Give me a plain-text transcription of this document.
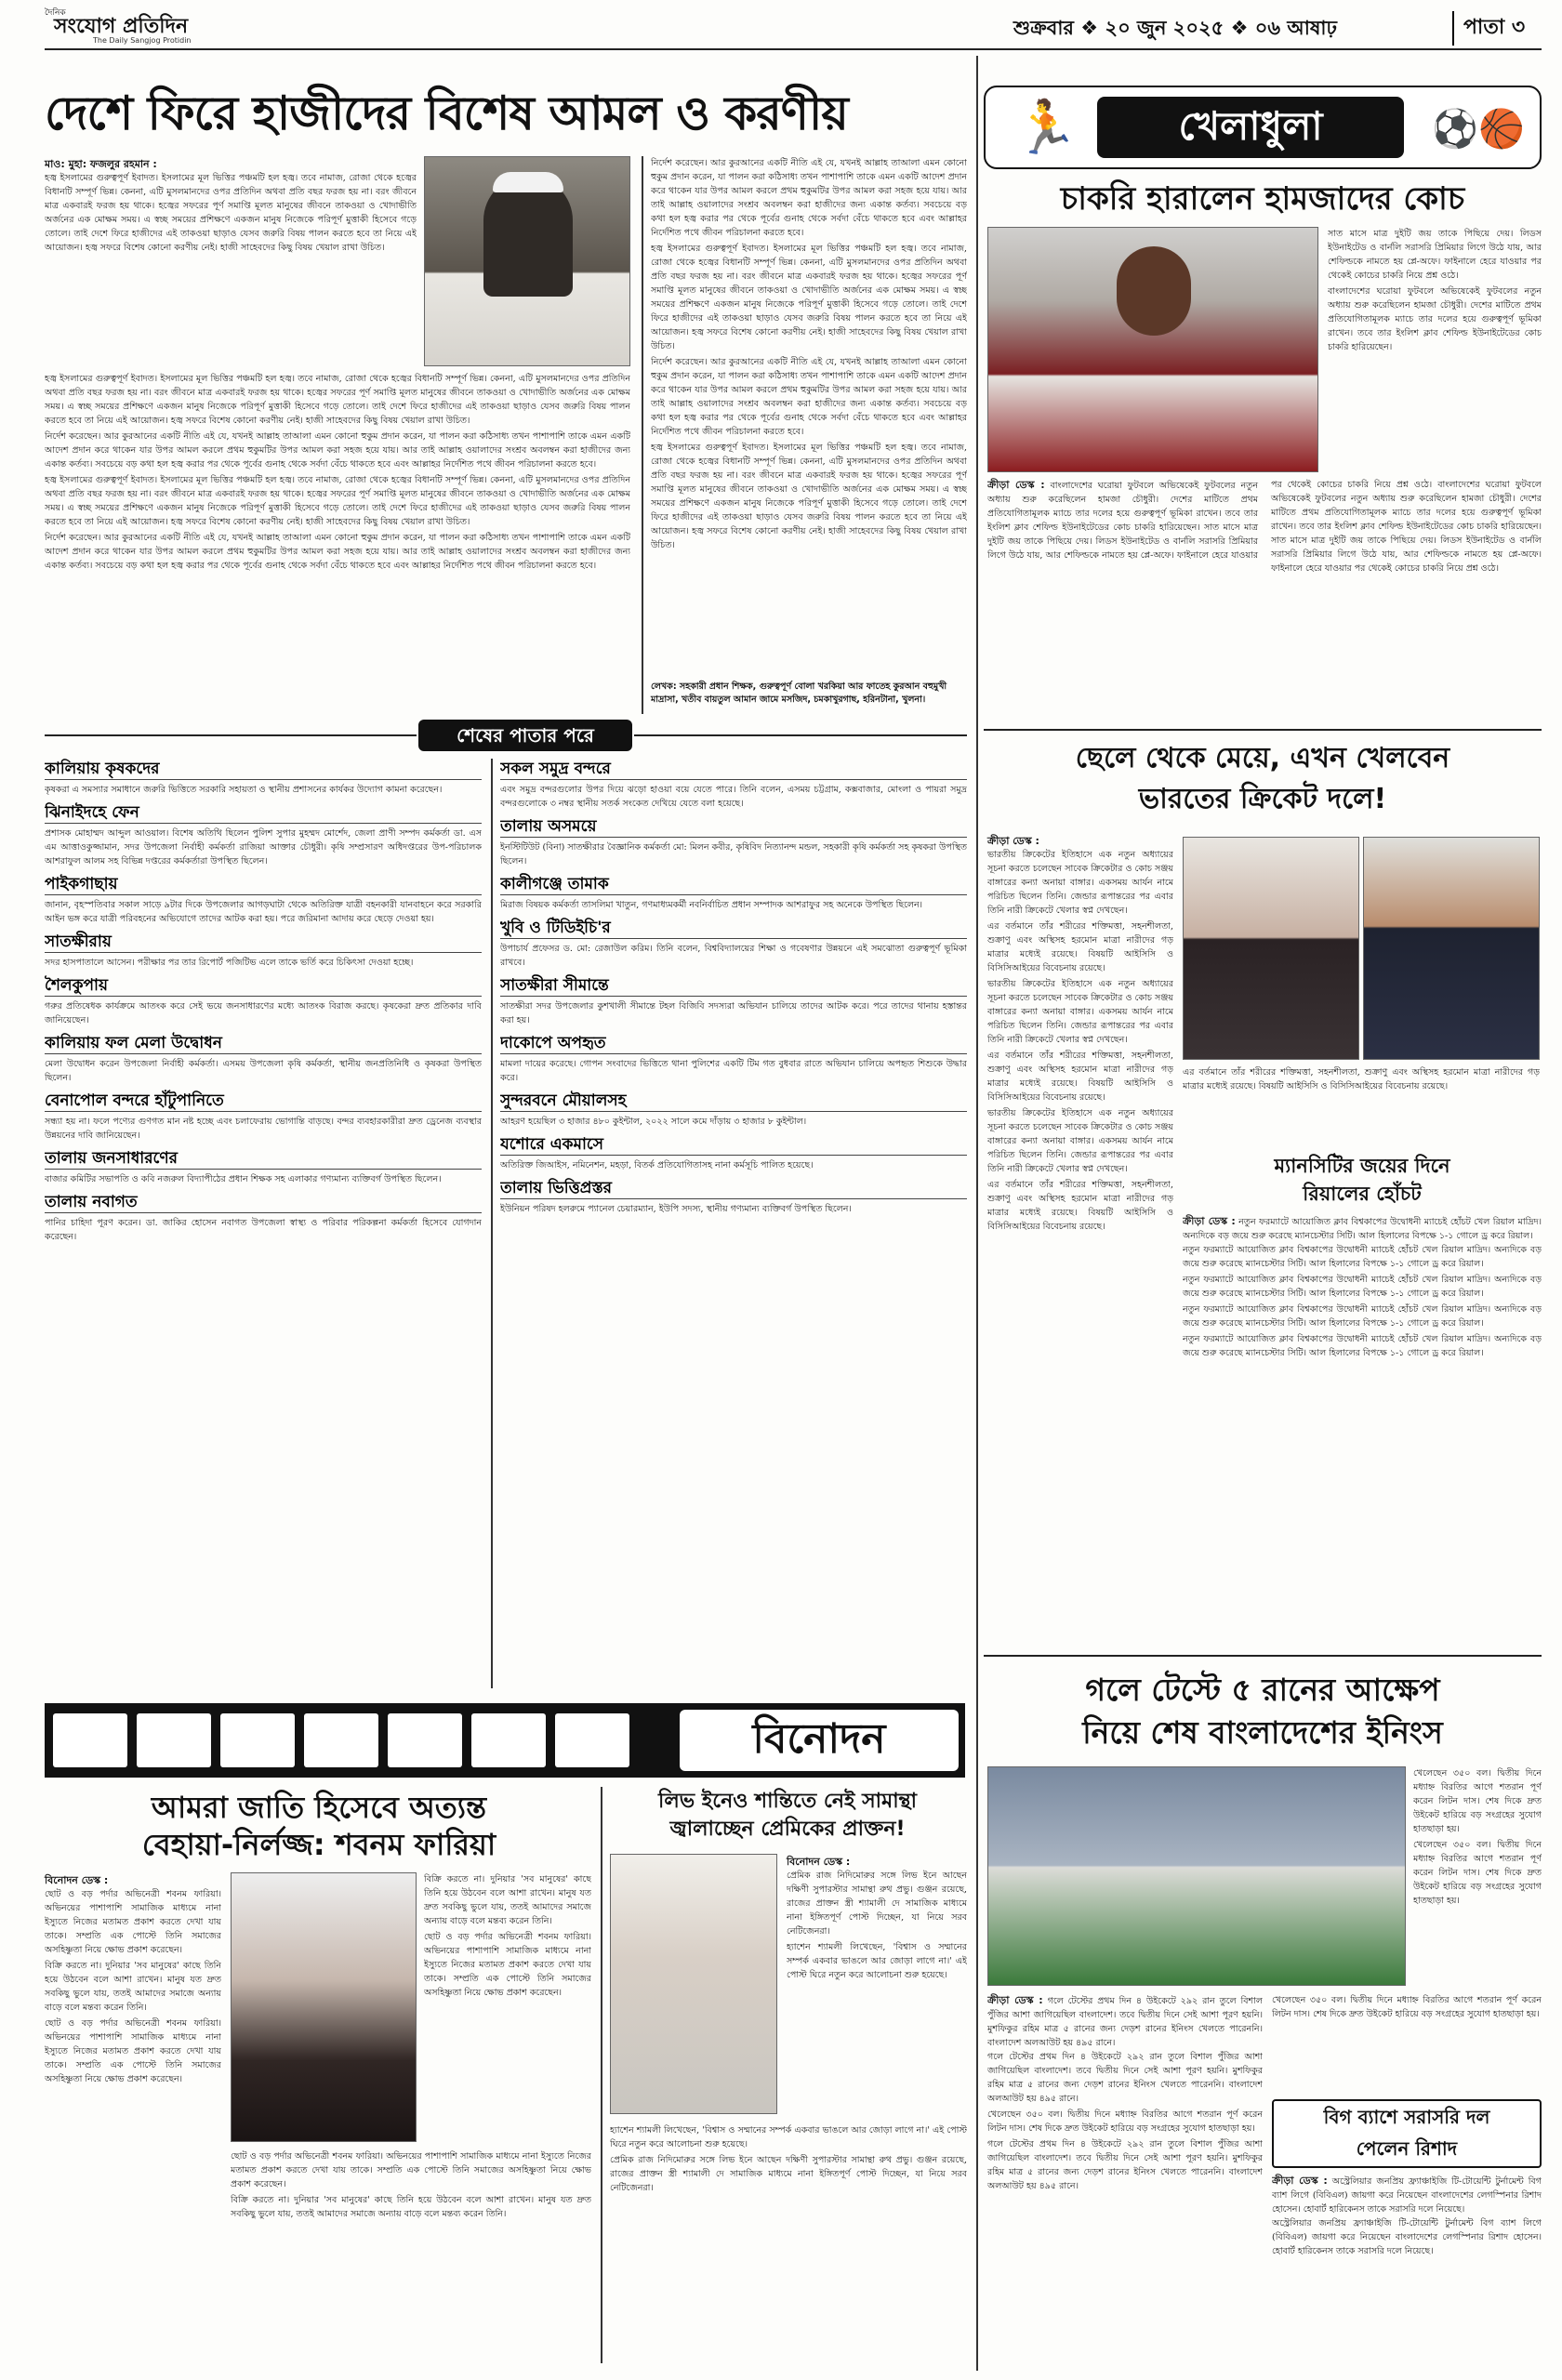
দৈনিক
সংযোগ প্রতিদিন
The Daily Sangjog Protidin
শুক্রবার ❖ ২০ জুন ২০২৫ ❖ ০৬ আষাঢ়	পাতা ৩
দেশে ফিরে হাজীদের বিশেষ আমল ও করণীয়
মাও: মুহা: ফজলুর রহমান :

হজ্ব ইসলামের গুরুত্বপূর্ণ ইবাদত। ইসলামের মূল ভিত্তির পঞ্চমটি হল হজ্ব। তবে নামাজ, রোজা থেকে হজ্বের বিধানটি সম্পূর্ণ ভিন্ন। কেননা, এটি মুসলমানদের ওপর প্রতিদিন অথবা প্রতি বছর ফরজ হয় না। বরং জীবনে মাত্র একবারই ফরজ হয় থাকে। হজ্বের সফরের পূর্ণ সমাপ্তি মূলত মানুষের জীবনে তাকওয়া ও খোদাভীতি অর্জনের এক মোক্ষম সময়। এ স্বচ্ছ সময়ের প্রশিক্ষণে একজন মানুষ নিজেকে পরিপূর্ণ মুত্তাকী হিসেবে গড়ে তোলে। তাই দেশে ফিরে হাজীদের এই তাকওয়া ছাড়াও যেসব জরুরি বিষয় পালন করতে হবে তা নিয়ে এই আয়োজন। হজ্ব সফরে বিশেষ কোনো করণীয় নেই। হাজী সাহেবদের কিছু বিষয় খেয়াল রাখা উচিত।

হজ্ব ইসলামের গুরুত্বপূর্ণ ইবাদত। ইসলামের মূল ভিত্তির পঞ্চমটি হল হজ্ব। তবে নামাজ, রোজা থেকে হজ্বের বিধানটি সম্পূর্ণ ভিন্ন। কেননা, এটি মুসলমানদের ওপর প্রতিদিন অথবা প্রতি বছর ফরজ হয় না। বরং জীবনে মাত্র একবারই ফরজ হয় থাকে। হজ্বের সফরের পূর্ণ সমাপ্তি মূলত মানুষের জীবনে তাকওয়া ও খোদাভীতি অর্জনের এক মোক্ষম সময়। এ স্বচ্ছ সময়ের প্রশিক্ষণে একজন মানুষ নিজেকে পরিপূর্ণ মুত্তাকী হিসেবে গড়ে তোলে। তাই দেশে ফিরে হাজীদের এই তাকওয়া ছাড়াও যেসব জরুরি বিষয় পালন করতে হবে তা নিয়ে এই আয়োজন। হজ্ব সফরে বিশেষ কোনো করণীয় নেই। হাজী সাহেবদের কিছু বিষয় খেয়াল রাখা উচিত।

নির্দেশ করেছেন। আর কুরআনের একটি নীতি এই যে, যখনই আল্লাহ তাআলা এমন কোনো হুকুম প্রদান করেন, যা পালন করা কঠিসাধ্য তখন পাশাপাশি তাকে এমন একটি আদেশ প্রদান করে থাকেন যার উপর আমল করলে প্রথম হুকুমটির উপর আমল করা সহজ হয়ে যায়। আর তাই আল্লাহ ওয়ালাদের সংশ্রব অবলম্বন করা হাজীদের জন্য একান্ত কর্তব্য। সবচেয়ে বড় কথা হল হজ্ব করার পর থেকে পূর্বের গুনাহ থেকে সর্বদা বেঁচে থাকতে হবে এবং আল্লাহর নির্দেশিত পথে জীবন পরিচালনা করতে হবে।

হজ্ব ইসলামের গুরুত্বপূর্ণ ইবাদত। ইসলামের মূল ভিত্তির পঞ্চমটি হল হজ্ব। তবে নামাজ, রোজা থেকে হজ্বের বিধানটি সম্পূর্ণ ভিন্ন। কেননা, এটি মুসলমানদের ওপর প্রতিদিন অথবা প্রতি বছর ফরজ হয় না। বরং জীবনে মাত্র একবারই ফরজ হয় থাকে। হজ্বের সফরের পূর্ণ সমাপ্তি মূলত মানুষের জীবনে তাকওয়া ও খোদাভীতি অর্জনের এক মোক্ষম সময়। এ স্বচ্ছ সময়ের প্রশিক্ষণে একজন মানুষ নিজেকে পরিপূর্ণ মুত্তাকী হিসেবে গড়ে তোলে। তাই দেশে ফিরে হাজীদের এই তাকওয়া ছাড়াও যেসব জরুরি বিষয় পালন করতে হবে তা নিয়ে এই আয়োজন। হজ্ব সফরে বিশেষ কোনো করণীয় নেই। হাজী সাহেবদের কিছু বিষয় খেয়াল রাখা উচিত।

নির্দেশ করেছেন। আর কুরআনের একটি নীতি এই যে, যখনই আল্লাহ তাআলা এমন কোনো হুকুম প্রদান করেন, যা পালন করা কঠিসাধ্য তখন পাশাপাশি তাকে এমন একটি আদেশ প্রদান করে থাকেন যার উপর আমল করলে প্রথম হুকুমটির উপর আমল করা সহজ হয়ে যায়। আর তাই আল্লাহ ওয়ালাদের সংশ্রব অবলম্বন করা হাজীদের জন্য একান্ত কর্তব্য। সবচেয়ে বড় কথা হল হজ্ব করার পর থেকে পূর্বের গুনাহ থেকে সর্বদা বেঁচে থাকতে হবে এবং আল্লাহর নির্দেশিত পথে জীবন পরিচালনা করতে হবে।

নির্দেশ করেছেন। আর কুরআনের একটি নীতি এই যে, যখনই আল্লাহ তাআলা এমন কোনো হুকুম প্রদান করেন, যা পালন করা কঠিসাধ্য তখন পাশাপাশি তাকে এমন একটি আদেশ প্রদান করে থাকেন যার উপর আমল করলে প্রথম হুকুমটির উপর আমল করা সহজ হয়ে যায়। আর তাই আল্লাহ ওয়ালাদের সংশ্রব অবলম্বন করা হাজীদের জন্য একান্ত কর্তব্য। সবচেয়ে বড় কথা হল হজ্ব করার পর থেকে পূর্বের গুনাহ থেকে সর্বদা বেঁচে থাকতে হবে এবং আল্লাহর নির্দেশিত পথে জীবন পরিচালনা করতে হবে।

হজ্ব ইসলামের গুরুত্বপূর্ণ ইবাদত। ইসলামের মূল ভিত্তির পঞ্চমটি হল হজ্ব। তবে নামাজ, রোজা থেকে হজ্বের বিধানটি সম্পূর্ণ ভিন্ন। কেননা, এটি মুসলমানদের ওপর প্রতিদিন অথবা প্রতি বছর ফরজ হয় না। বরং জীবনে মাত্র একবারই ফরজ হয় থাকে। হজ্বের সফরের পূর্ণ সমাপ্তি মূলত মানুষের জীবনে তাকওয়া ও খোদাভীতি অর্জনের এক মোক্ষম সময়। এ স্বচ্ছ সময়ের প্রশিক্ষণে একজন মানুষ নিজেকে পরিপূর্ণ মুত্তাকী হিসেবে গড়ে তোলে। তাই দেশে ফিরে হাজীদের এই তাকওয়া ছাড়াও যেসব জরুরি বিষয় পালন করতে হবে তা নিয়ে এই আয়োজন। হজ্ব সফরে বিশেষ কোনো করণীয় নেই। হাজী সাহেবদের কিছু বিষয় খেয়াল রাখা উচিত।

নির্দেশ করেছেন। আর কুরআনের একটি নীতি এই যে, যখনই আল্লাহ তাআলা এমন কোনো হুকুম প্রদান করেন, যা পালন করা কঠিসাধ্য তখন পাশাপাশি তাকে এমন একটি আদেশ প্রদান করে থাকেন যার উপর আমল করলে প্রথম হুকুমটির উপর আমল করা সহজ হয়ে যায়। আর তাই আল্লাহ ওয়ালাদের সংশ্রব অবলম্বন করা হাজীদের জন্য একান্ত কর্তব্য। সবচেয়ে বড় কথা হল হজ্ব করার পর থেকে পূর্বের গুনাহ থেকে সর্বদা বেঁচে থাকতে হবে এবং আল্লাহর নির্দেশিত পথে জীবন পরিচালনা করতে হবে।

হজ্ব ইসলামের গুরুত্বপূর্ণ ইবাদত। ইসলামের মূল ভিত্তির পঞ্চমটি হল হজ্ব। তবে নামাজ, রোজা থেকে হজ্বের বিধানটি সম্পূর্ণ ভিন্ন। কেননা, এটি মুসলমানদের ওপর প্রতিদিন অথবা প্রতি বছর ফরজ হয় না। বরং জীবনে মাত্র একবারই ফরজ হয় থাকে। হজ্বের সফরের পূর্ণ সমাপ্তি মূলত মানুষের জীবনে তাকওয়া ও খোদাভীতি অর্জনের এক মোক্ষম সময়। এ স্বচ্ছ সময়ের প্রশিক্ষণে একজন মানুষ নিজেকে পরিপূর্ণ মুত্তাকী হিসেবে গড়ে তোলে। তাই দেশে ফিরে হাজীদের এই তাকওয়া ছাড়াও যেসব জরুরি বিষয় পালন করতে হবে তা নিয়ে এই আয়োজন। হজ্ব সফরে বিশেষ কোনো করণীয় নেই। হাজী সাহেবদের কিছু বিষয় খেয়াল রাখা উচিত।

লেখক: সহকারী প্রধান শিক্ষক, গুরুত্বপূর্ণ বোলা খরকিয়া আর ফাতেহ কুরআন বহুমুখী মাদ্রাসা, খতীব বায়তুল আমান জামে মসজিদ, চমকাখুরগাছ, হরিনটানা, খুলনা।
শেষের পাতার পরে
কালিয়ায় কৃষকদের
কৃষকরা এ সমস্যার সমাধানে জরুরি ভিত্তিতে সরকারি সহায়তা ও স্থানীয় প্রশাসনের কার্যকর উদ্যোগ কামনা করেছেন।
ঝিনাইদহে ফেন
প্রশাসক মোহাম্মদ আব্দুল আওয়াল। বিশেষ অতিথি ছিলেন পুলিশ সুপার মুহম্মদ মোর্শেদ, জেলা প্রাণী সম্পদ কর্মকর্তা ডা. এস এম আত্তাওকুজ্জামান, সদর উপজেলা নির্বাহী কর্মকর্তা রাজিয়া আক্তার চৌধুরী। কৃষি সম্প্রসারণ অধিদপ্তরের উপ-পরিচালক আশরাফুল আলম সহ বিভিন্ন দপ্তরের কর্মকর্তারা উপস্থিত ছিলেন।
পাইকগাছায়
জানান, বৃহস্পতিবার সকাল সাড়ে ৯টার দিকে উপজেলার আগড়ঘাটা থেকে অতিরিক্ত যাত্রী বহনকারী যানবাহনে করে সরকারি আইন ভঙ্গ করে যাত্রী পরিবহনের অভিযোগে তাদের আটক করা হয়। পরে জরিমানা আদায় করে ছেড়ে দেওয়া হয়।
সাতক্ষীরায়
সদর হাসপাতালে আসেন। পরীক্ষার পর তার রিপোর্ট পজিটিভ এলে তাকে ভর্তি করে চিকিৎসা দেওয়া হচ্ছে।
শৈলকুপায়
গরুর প্রতিষেধক কার্যক্রমে আতংক করে সেই ভয়ে জনসাধারণের মধ্যে আতংক বিরাজ করছে। কৃষকেরা দ্রুত প্রতিকার দাবি জানিয়েছেন।
কালিয়ায় ফল মেলা উদ্বোধন
মেলা উদ্বোধন করেন উপজেলা নির্বাহী কর্মকর্তা। এসময় উপজেলা কৃষি কর্মকর্তা, স্থানীয় জনপ্রতিনিধি ও কৃষকরা উপস্থিত ছিলেন।
বেনাপোল বন্দরে হাঁটুপানিতে
সন্ধ্যা হয় না। ফলে পণ্যের গুণগত মান নষ্ট হচ্ছে এবং চলাফেরায় ভোগান্তি বাড়ছে। বন্দর ব্যবহারকারীরা দ্রুত ড্রেনেজ ব্যবস্থার উন্নয়নের দাবি জানিয়েছেন।
তালায় জনসাধারণের
বাজার কমিটির সভাপতি ও কবি নজরুল বিদ্যাপীঠের প্রধান শিক্ষক সহ এলাকার গণ্যমান্য ব্যক্তিবর্গ উপস্থিত ছিলেন।
তালায় নবাগত
পানির চাহিদা পূরণ করেন। ডা. জাকির হোসেন নবাগত উপজেলা স্বাস্থ্য ও পরিবার পরিকল্পনা কর্মকর্তা হিসেবে যোগদান করেছেন।
সকল সমুদ্র বন্দরে
এবং সমুদ্র বন্দরগুলোর উপর দিয়ে ঝড়ো হাওয়া বয়ে যেতে পারে। তিনি বলেন, এসময় চট্টগ্রাম, কক্সবাজার, মোংলা ও পায়রা সমুদ্র বন্দরগুলোকে ৩ নম্বর স্থানীয় সতর্ক সংকেত দেখিয়ে যেতে বলা হয়েছে।
তালায় অসময়ে
ইনস্টিটিউট (বিনা) সাতক্ষীরার বৈজ্ঞানিক কর্মকর্তা মো: মিলন কবীর, কৃষিবিদ নিত্যানন্দ মন্ডল, সহকারী কৃষি কর্মকর্তা সহ কৃষকরা উপস্থিত ছিলেন।
কালীগঞ্জে তামাক
মিরাজ বিষয়ক কর্মকর্তা তাসলিমা খাতুন, গণমাধ্যমকর্মী নবনির্বাচিত প্রধান সম্পাদক আশরাফুর সহ অনেকে উপস্থিত ছিলেন।
খুবি ও টিডিইচি'র
উপাচার্য প্রফেসর ড. মো: রেজাউল করিম। তিনি বলেন, বিশ্ববিদ্যালয়ের শিক্ষা ও গবেষণার উন্নয়নে এই সমঝোতা গুরুত্বপূর্ণ ভূমিকা রাখবে।
সাতক্ষীরা সীমান্তে
সাতক্ষীরা সদর উপজেলার কুশখালী সীমান্তে টহল বিজিবি সদস্যরা অভিযান চালিয়ে তাদের আটক করে। পরে তাদের থানায় হস্তান্তর করা হয়।
দাকোপে অপহৃত
মামলা দায়ের করেছে। গোপন সংবাদের ভিত্তিতে থানা পুলিশের একটি টিম গত বুধবার রাতে অভিযান চালিয়ে অপহৃত শিশুকে উদ্ধার করে।
সুন্দরবনে মৌয়ালসহ
আহরণ হয়েছিল ৩ হাজার ৪৮০ কুইন্টাল, ২০২২ সালে কমে দাঁড়ায় ৩ হাজার ৮ কুইন্টাল।
যশোরে একমাসে
অতিরিক্ত জিআইস, নমিনেশন, মহড়া, বিতর্ক প্রতিযোগিতাসহ নানা কর্মসূচি পালিত হয়েছে।
তালায় ভিত্তিপ্রস্তর
ইউনিয়ন পরিষদ হলরুমে প্যানেল চেয়ারম্যান, ইউপি সদস্য, স্থানীয় গণ্যমান্য ব্যক্তিবর্গ উপস্থিত ছিলেন।
বিনোদন
আমরা জাতি হিসেবে অত্যন্ত
বেহায়া-নির্লজ্জ: শবনম ফারিয়া
বিনোদন ডেস্ক :

ছোট ও বড় পর্দার অভিনেত্রী শবনম ফারিয়া। অভিনয়ের পাশাপাশি সামাজিক মাধ্যমে নানা ইস্যুতে নিজের মতামত প্রকাশ করতে দেখা যায় তাকে। সম্প্রতি এক পোস্টে তিনি সমাজের অসহিষ্ণুতা নিয়ে ক্ষোভ প্রকাশ করেছেন।

বিক্রি করতে না। দুনিয়ার 'সব মানুষের' কাছে তিনি হয়ে উঠবেন বলে আশা রাখেন। মানুষ যত দ্রুত সবকিছু ভুলে যায়, ততই আমাদের সমাজে অন্যায় বাড়ে বলে মন্তব্য করেন তিনি।

ছোট ও বড় পর্দার অভিনেত্রী শবনম ফারিয়া। অভিনয়ের পাশাপাশি সামাজিক মাধ্যমে নানা ইস্যুতে নিজের মতামত প্রকাশ করতে দেখা যায় তাকে। সম্প্রতি এক পোস্টে তিনি সমাজের অসহিষ্ণুতা নিয়ে ক্ষোভ প্রকাশ করেছেন।

বিক্রি করতে না। দুনিয়ার 'সব মানুষের' কাছে তিনি হয়ে উঠবেন বলে আশা রাখেন। মানুষ যত দ্রুত সবকিছু ভুলে যায়, ততই আমাদের সমাজে অন্যায় বাড়ে বলে মন্তব্য করেন তিনি।

ছোট ও বড় পর্দার অভিনেত্রী শবনম ফারিয়া। অভিনয়ের পাশাপাশি সামাজিক মাধ্যমে নানা ইস্যুতে নিজের মতামত প্রকাশ করতে দেখা যায় তাকে। সম্প্রতি এক পোস্টে তিনি সমাজের অসহিষ্ণুতা নিয়ে ক্ষোভ প্রকাশ করেছেন।

ছোট ও বড় পর্দার অভিনেত্রী শবনম ফারিয়া। অভিনয়ের পাশাপাশি সামাজিক মাধ্যমে নানা ইস্যুতে নিজের মতামত প্রকাশ করতে দেখা যায় তাকে। সম্প্রতি এক পোস্টে তিনি সমাজের অসহিষ্ণুতা নিয়ে ক্ষোভ প্রকাশ করেছেন।

বিক্রি করতে না। দুনিয়ার 'সব মানুষের' কাছে তিনি হয়ে উঠবেন বলে আশা রাখেন। মানুষ যত দ্রুত সবকিছু ভুলে যায়, ততই আমাদের সমাজে অন্যায় বাড়ে বলে মন্তব্য করেন তিনি।

লিভ ইনেও শান্তিতে নেই সামান্থা
জ্বালাচ্ছেন প্রেমিকের প্রাক্তন!
বিনোদন ডেস্ক :

প্রেমিক রাজ নিদিমোরুর সঙ্গে লিভ ইনে আছেন দক্ষিণী সুপারস্টার সামান্থা রুথ প্রভু। গুঞ্জন রয়েছে, রাজের প্রাক্তন স্ত্রী শ্যামালী দে সামাজিক মাধ্যমে নানা ইঙ্গিতপূর্ণ পোস্ট দিচ্ছেন, যা নিয়ে সরব নেটিজেনরা।

হ্যাশেন শ্যামলী লিখেছেন, 'বিশ্বাস ও সম্মানের সম্পর্ক একবার ভাঙলে আর জোড়া লাগে না।' এই পোস্ট ঘিরে নতুন করে আলোচনা শুরু হয়েছে।

হ্যাশেন শ্যামলী লিখেছেন, 'বিশ্বাস ও সম্মানের সম্পর্ক একবার ভাঙলে আর জোড়া লাগে না।' এই পোস্ট ঘিরে নতুন করে আলোচনা শুরু হয়েছে।

প্রেমিক রাজ নিদিমোরুর সঙ্গে লিভ ইনে আছেন দক্ষিণী সুপারস্টার সামান্থা রুথ প্রভু। গুঞ্জন রয়েছে, রাজের প্রাক্তন স্ত্রী শ্যামালী দে সামাজিক মাধ্যমে নানা ইঙ্গিতপূর্ণ পোস্ট দিচ্ছেন, যা নিয়ে সরব নেটিজেনরা।

🏃	খেলাধুলা	⚽🏀
চাকরি হারালেন হামজাদের কোচ

সাত মাসে মাত্র দুইটি জয় তাকে পিছিয়ে দেয়। লিডস ইউনাইটেড ও বার্নলি সরাসরি প্রিমিয়ার লিগে উঠে যায়, আর শেফিল্ডকে নামতে হয় প্লে-অফে। ফাইনালে হেরে যাওয়ার পর থেকেই কোচের চাকরি নিয়ে প্রশ্ন ওঠে।

বাংলাদেশের ঘরোয়া ফুটবলে অভিষেকেই ফুটবলের নতুন অধ্যায় শুরু করেছিলেন হামজা চৌধুরী। দেশের মাটিতে প্রথম প্রতিযোগিতামূলক ম্যাচে তার দলের হয়ে গুরুত্বপূর্ণ ভূমিকা রাখেন। তবে তার ইংলিশ ক্লাব শেফিল্ড ইউনাইটেডের কোচ চাকরি হারিয়েছেন।

ক্রীড়া ডেস্ক : বাংলাদেশের ঘরোয়া ফুটবলে অভিষেকেই ফুটবলের নতুন অধ্যায় শুরু করেছিলেন হামজা চৌধুরী। দেশের মাটিতে প্রথম প্রতিযোগিতামূলক ম্যাচে তার দলের হয়ে গুরুত্বপূর্ণ ভূমিকা রাখেন। তবে তার ইংলিশ ক্লাব শেফিল্ড ইউনাইটেডের কোচ চাকরি হারিয়েছেন। সাত মাসে মাত্র দুইটি জয় তাকে পিছিয়ে দেয়। লিডস ইউনাইটেড ও বার্নলি সরাসরি প্রিমিয়ার লিগে উঠে যায়, আর শেফিল্ডকে নামতে হয় প্লে-অফে। ফাইনালে হেরে যাওয়ার পর থেকেই কোচের চাকরি নিয়ে প্রশ্ন ওঠে। বাংলাদেশের ঘরোয়া ফুটবলে অভিষেকেই ফুটবলের নতুন অধ্যায় শুরু করেছিলেন হামজা চৌধুরী। দেশের মাটিতে প্রথম প্রতিযোগিতামূলক ম্যাচে তার দলের হয়ে গুরুত্বপূর্ণ ভূমিকা রাখেন। তবে তার ইংলিশ ক্লাব শেফিল্ড ইউনাইটেডের কোচ চাকরি হারিয়েছেন। সাত মাসে মাত্র দুইটি জয় তাকে পিছিয়ে দেয়। লিডস ইউনাইটেড ও বার্নলি সরাসরি প্রিমিয়ার লিগে উঠে যায়, আর শেফিল্ডকে নামতে হয় প্লে-অফে। ফাইনালে হেরে যাওয়ার পর থেকেই কোচের চাকরি নিয়ে প্রশ্ন ওঠে।
ছেলে থেকে মেয়ে, এখন খেলবেন
ভারতের ক্রিকেট দলে!
ক্রীড়া ডেস্ক :

ভারতীয় ক্রিকেটের ইতিহাসে এক নতুন অধ্যায়ের সূচনা করতে চলেছেন সাবেক ক্রিকেটার ও কোচ সঞ্জয় বাঙ্গারের কন্যা অনায়া বাঙ্গার। একসময় আর্যন নামে পরিচিত ছিলেন তিনি। জেন্ডার রূপান্তরের পর এবার তিনি নারী ক্রিকেটে খেলার স্বপ্ন দেখছেন।

এর বর্তমানে তাঁর শরীরের শক্তিমত্তা, সহনশীলতা, শুক্রাণু এবং অস্থিসহ হরমোন মাত্রা নারীদের গড় মাত্রার মধ্যেই রয়েছে। বিষয়টি আইসিসি ও বিসিসিআইয়ের বিবেচনায় রয়েছে।

ভারতীয় ক্রিকেটের ইতিহাসে এক নতুন অধ্যায়ের সূচনা করতে চলেছেন সাবেক ক্রিকেটার ও কোচ সঞ্জয় বাঙ্গারের কন্যা অনায়া বাঙ্গার। একসময় আর্যন নামে পরিচিত ছিলেন তিনি। জেন্ডার রূপান্তরের পর এবার তিনি নারী ক্রিকেটে খেলার স্বপ্ন দেখছেন।

এর বর্তমানে তাঁর শরীরের শক্তিমত্তা, সহনশীলতা, শুক্রাণু এবং অস্থিসহ হরমোন মাত্রা নারীদের গড় মাত্রার মধ্যেই রয়েছে। বিষয়টি আইসিসি ও বিসিসিআইয়ের বিবেচনায় রয়েছে।

ভারতীয় ক্রিকেটের ইতিহাসে এক নতুন অধ্যায়ের সূচনা করতে চলেছেন সাবেক ক্রিকেটার ও কোচ সঞ্জয় বাঙ্গারের কন্যা অনায়া বাঙ্গার। একসময় আর্যন নামে পরিচিত ছিলেন তিনি। জেন্ডার রূপান্তরের পর এবার তিনি নারী ক্রিকেটে খেলার স্বপ্ন দেখছেন।

এর বর্তমানে তাঁর শরীরের শক্তিমত্তা, সহনশীলতা, শুক্রাণু এবং অস্থিসহ হরমোন মাত্রা নারীদের গড় মাত্রার মধ্যেই রয়েছে। বিষয়টি আইসিসি ও বিসিসিআইয়ের বিবেচনায় রয়েছে।

এর বর্তমানে তাঁর শরীরের শক্তিমত্তা, সহনশীলতা, শুক্রাণু এবং অস্থিসহ হরমোন মাত্রা নারীদের গড় মাত্রার মধ্যেই রয়েছে। বিষয়টি আইসিসি ও বিসিসিআইয়ের বিবেচনায় রয়েছে।

ম্যানসিটির জয়ের দিনে
রিয়ালের হোঁচট
ক্রীড়া ডেস্ক : নতুন ফরম্যাটে আয়োজিত ক্লাব বিশ্বকাপের উদ্বোধনী ম্যাচেই হোঁচট খেল রিয়াল মাদ্রিদ। অন্যদিকে বড় জয়ে শুরু করেছে ম্যানচেস্টার সিটি। আল হিলালের বিপক্ষে ১-১ গোলে ড্র করে রিয়াল।

নতুন ফরম্যাটে আয়োজিত ক্লাব বিশ্বকাপের উদ্বোধনী ম্যাচেই হোঁচট খেল রিয়াল মাদ্রিদ। অন্যদিকে বড় জয়ে শুরু করেছে ম্যানচেস্টার সিটি। আল হিলালের বিপক্ষে ১-১ গোলে ড্র করে রিয়াল।

নতুন ফরম্যাটে আয়োজিত ক্লাব বিশ্বকাপের উদ্বোধনী ম্যাচেই হোঁচট খেল রিয়াল মাদ্রিদ। অন্যদিকে বড় জয়ে শুরু করেছে ম্যানচেস্টার সিটি। আল হিলালের বিপক্ষে ১-১ গোলে ড্র করে রিয়াল।

নতুন ফরম্যাটে আয়োজিত ক্লাব বিশ্বকাপের উদ্বোধনী ম্যাচেই হোঁচট খেল রিয়াল মাদ্রিদ। অন্যদিকে বড় জয়ে শুরু করেছে ম্যানচেস্টার সিটি। আল হিলালের বিপক্ষে ১-১ গোলে ড্র করে রিয়াল।

নতুন ফরম্যাটে আয়োজিত ক্লাব বিশ্বকাপের উদ্বোধনী ম্যাচেই হোঁচট খেল রিয়াল মাদ্রিদ। অন্যদিকে বড় জয়ে শুরু করেছে ম্যানচেস্টার সিটি। আল হিলালের বিপক্ষে ১-১ গোলে ড্র করে রিয়াল।

গলে টেস্টে ৫ রানের আক্ষেপ
নিয়ে শেষ বাংলাদেশের ইনিংস

খেলেছেন ৩৫০ বল। দ্বিতীয় দিনে মধ্যাহ্ন বিরতির আগে শতরান পূর্ণ করেন লিটন দাস। শেষ দিকে দ্রুত উইকেট হারিয়ে বড় সংগ্রহের সুযোগ হাতছাড়া হয়।

খেলেছেন ৩৫০ বল। দ্বিতীয় দিনে মধ্যাহ্ন বিরতির আগে শতরান পূর্ণ করেন লিটন দাস। শেষ দিকে দ্রুত উইকেট হারিয়ে বড় সংগ্রহের সুযোগ হাতছাড়া হয়।

ক্রীড়া ডেস্ক : গলে টেস্টের প্রথম দিন ৪ উইকেটে ২৯২ রান তুলে বিশাল পুঁজির আশা জাগিয়েছিল বাংলাদেশ। তবে দ্বিতীয় দিনে সেই আশা পূরণ হয়নি। মুশফিকুর রহিম মাত্র ৫ রানের জন্য দেড়শ রানের ইনিংস খেলতে পারেননি। বাংলাদেশ অলআউট হয় ৪৯৫ রানে।

গলে টেস্টের প্রথম দিন ৪ উইকেটে ২৯২ রান তুলে বিশাল পুঁজির আশা জাগিয়েছিল বাংলাদেশ। তবে দ্বিতীয় দিনে সেই আশা পূরণ হয়নি। মুশফিকুর রহিম মাত্র ৫ রানের জন্য দেড়শ রানের ইনিংস খেলতে পারেননি। বাংলাদেশ অলআউট হয় ৪৯৫ রানে।

খেলেছেন ৩৫০ বল। দ্বিতীয় দিনে মধ্যাহ্ন বিরতির আগে শতরান পূর্ণ করেন লিটন দাস। শেষ দিকে দ্রুত উইকেট হারিয়ে বড় সংগ্রহের সুযোগ হাতছাড়া হয়।

গলে টেস্টের প্রথম দিন ৪ উইকেটে ২৯২ রান তুলে বিশাল পুঁজির আশা জাগিয়েছিল বাংলাদেশ। তবে দ্বিতীয় দিনে সেই আশা পূরণ হয়নি। মুশফিকুর রহিম মাত্র ৫ রানের জন্য দেড়শ রানের ইনিংস খেলতে পারেননি। বাংলাদেশ অলআউট হয় ৪৯৫ রানে।

খেলেছেন ৩৫০ বল। দ্বিতীয় দিনে মধ্যাহ্ন বিরতির আগে শতরান পূর্ণ করেন লিটন দাস। শেষ দিকে দ্রুত উইকেট হারিয়ে বড় সংগ্রহের সুযোগ হাতছাড়া হয়।

বিগ ব্যাশে সরাসরি দল
পেলেন রিশাদ
ক্রীড়া ডেস্ক : অস্ট্রেলিয়ার জনপ্রিয় ফ্র্যাঞ্চাইজি টি-টোয়েন্টি টুর্নামেন্ট বিগ ব্যাশ লিগে (বিবিএল) জায়গা করে নিয়েছেন বাংলাদেশের লেগস্পিনার রিশাদ হোসেন। হোবার্ট হারিকেনস তাকে সরাসরি দলে নিয়েছে।

অস্ট্রেলিয়ার জনপ্রিয় ফ্র্যাঞ্চাইজি টি-টোয়েন্টি টুর্নামেন্ট বিগ ব্যাশ লিগে (বিবিএল) জায়গা করে নিয়েছেন বাংলাদেশের লেগস্পিনার রিশাদ হোসেন। হোবার্ট হারিকেনস তাকে সরাসরি দলে নিয়েছে।
